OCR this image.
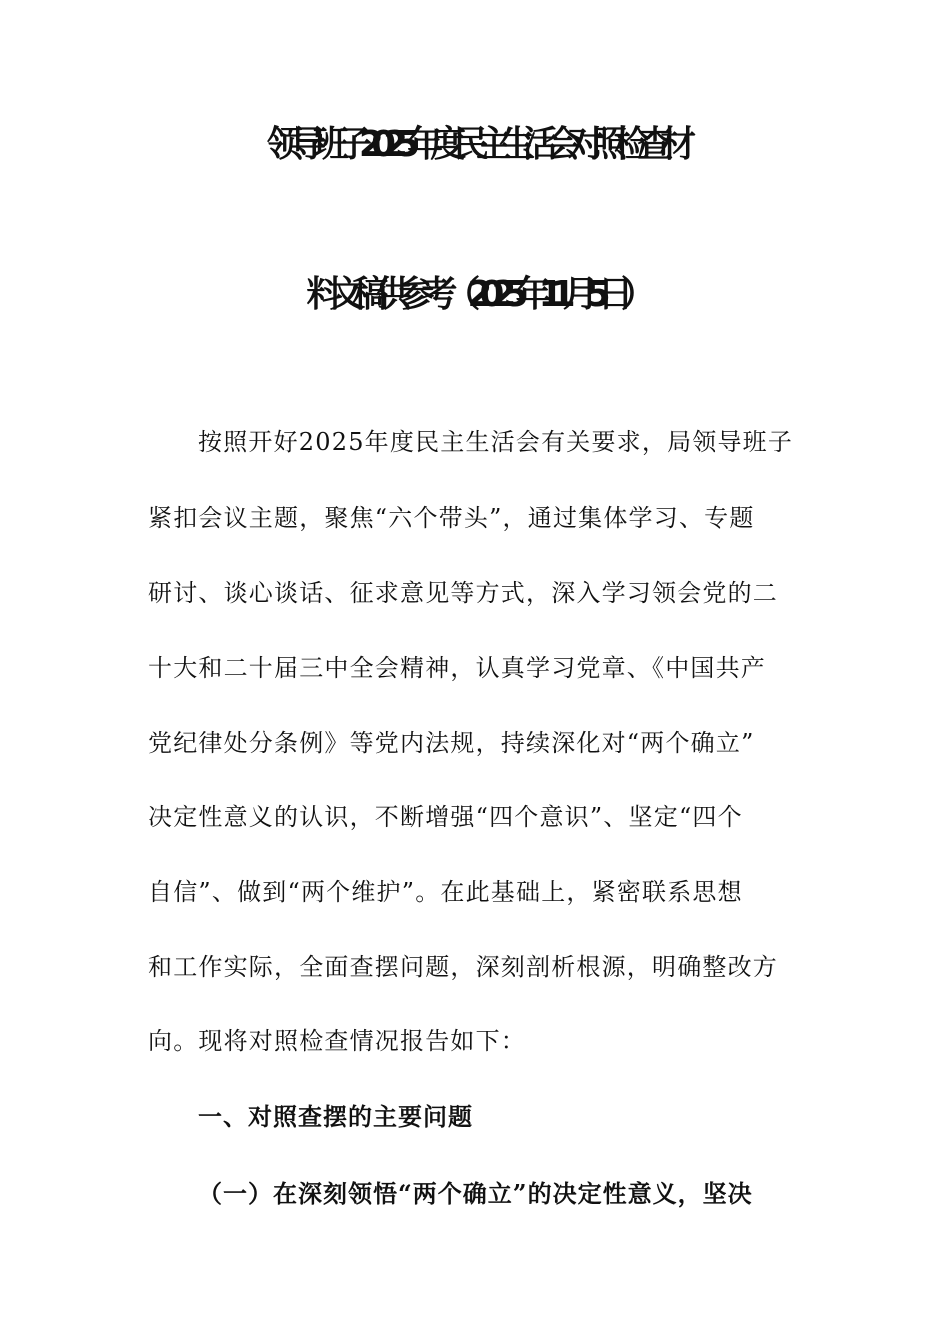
领导班子2025年度民主生活会对照检查材
料文稿供参考（2025年11月5日）
按照开好2025年度民主生活会有关要求，局领导班子
紧扣会议主题，聚焦“六个带头”，通过集体学习、专题
研讨、谈心谈话、征求意见等方式，深入学习领会党的二
十大和二十届三中全会精神，认真学习党章、《中国共产
党纪律处分条例》等党内法规，持续深化对“两个确立”
决定性意义的认识，不断增强“四个意识”、坚定“四个
自信”、做到“两个维护”。在此基础上，紧密联系思想
和工作实际，全面查摆问题，深刻剖析根源，明确整改方
向。现将对照检查情况报告如下：
一、对照查摆的主要问题
（一）在深刻领悟“两个确立”的决定性意义，坚决
